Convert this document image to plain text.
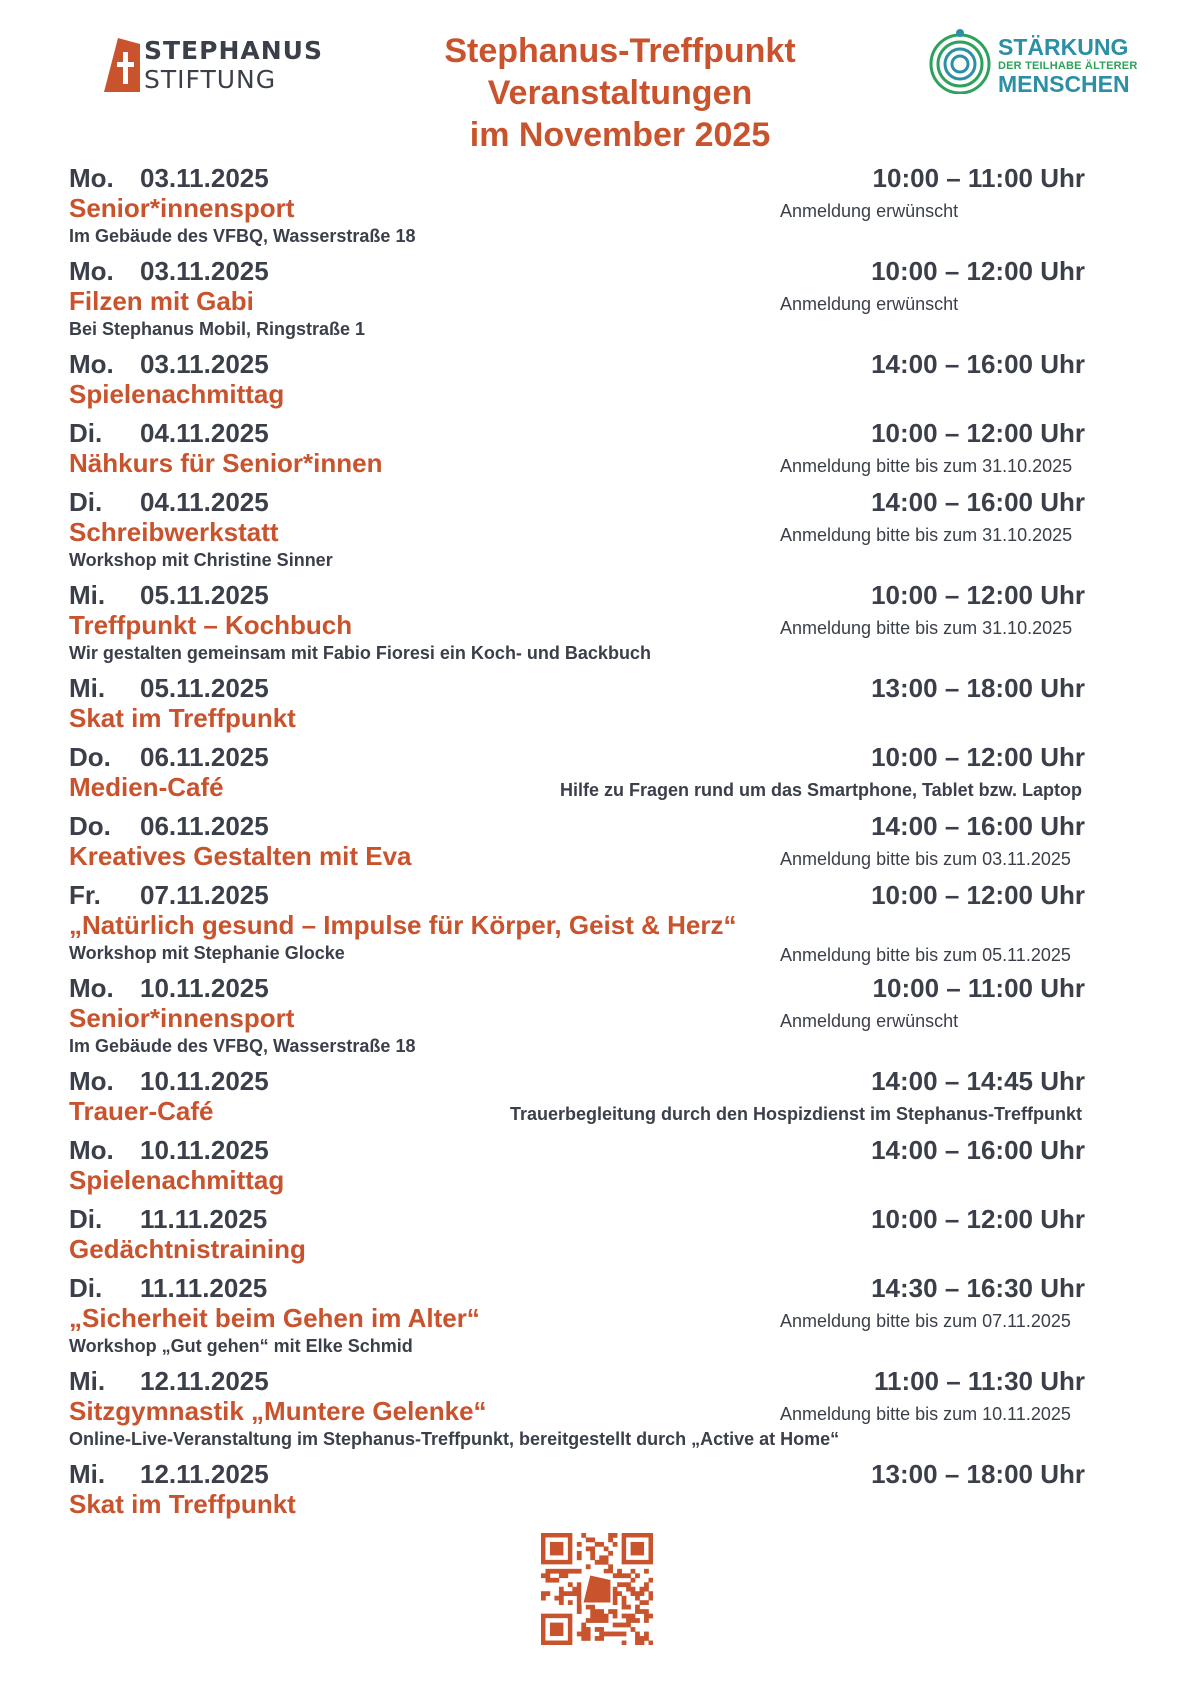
STEPHANUS
STIFTUNG
Stephanus-Treffpunkt
Veranstaltungen
im November 2025
STÄRKUNG
DER TEILHABE ÄLTERER
MENSCHEN
Mo. 03.11.2025	10:00 – 11:00 Uhr
Senior*innensport	Anmeldung erwünscht
Im Gebäude des VFBQ, Wasserstraße 18
Mo. 03.11.2025	10:00 – 12:00 Uhr
Filzen mit Gabi	Anmeldung erwünscht
Bei Stephanus Mobil, Ringstraße 1
Mo. 03.11.2025	14:00 – 16:00 Uhr
Spielenachmittag
Di. 04.11.2025	10:00 – 12:00 Uhr
Nähkurs für Senior*innen	Anmeldung bitte bis zum 31.10.2025
Di. 04.11.2025	14:00 – 16:00 Uhr
Schreibwerkstatt	Anmeldung bitte bis zum 31.10.2025
Workshop mit Christine Sinner
Mi. 05.11.2025	10:00 – 12:00 Uhr
Treffpunkt – Kochbuch	Anmeldung bitte bis zum 31.10.2025
Wir gestalten gemeinsam mit Fabio Fioresi ein Koch- und Backbuch
Mi. 05.11.2025	13:00 – 18:00 Uhr
Skat im Treffpunkt
Do. 06.11.2025	10:00 – 12:00 Uhr
Medien-Café	Hilfe zu Fragen rund um das Smartphone, Tablet bzw. Laptop
Do. 06.11.2025	14:00 – 16:00 Uhr
Kreatives Gestalten mit Eva	Anmeldung bitte bis zum 03.11.2025
Fr. 07.11.2025	10:00 – 12:00 Uhr
„Natürlich gesund – Impulse für Körper, Geist & Herz“
Workshop mit Stephanie Glocke	Anmeldung bitte bis zum 05.11.2025
Mo. 10.11.2025	10:00 – 11:00 Uhr
Senior*innensport	Anmeldung erwünscht
Im Gebäude des VFBQ, Wasserstraße 18
Mo. 10.11.2025	14:00 – 14:45 Uhr
Trauer-Café	Trauerbegleitung durch den Hospizdienst im Stephanus-Treffpunkt
Mo. 10.11.2025	14:00 – 16:00 Uhr
Spielenachmittag
Di. 11.11.2025	10:00 – 12:00 Uhr
Gedächtnistraining
Di. 11.11.2025	14:30 – 16:30 Uhr
„Sicherheit beim Gehen im Alter“	Anmeldung bitte bis zum 07.11.2025
Workshop „Gut gehen“ mit Elke Schmid
Mi. 12.11.2025	11:00 – 11:30 Uhr
Sitzgymnastik „Muntere Gelenke“	Anmeldung bitte bis zum 10.11.2025
Online-Live-Veranstaltung im Stephanus-Treffpunkt, bereitgestellt durch „Active at Home“
Mi. 12.11.2025	13:00 – 18:00 Uhr
Skat im Treffpunkt
